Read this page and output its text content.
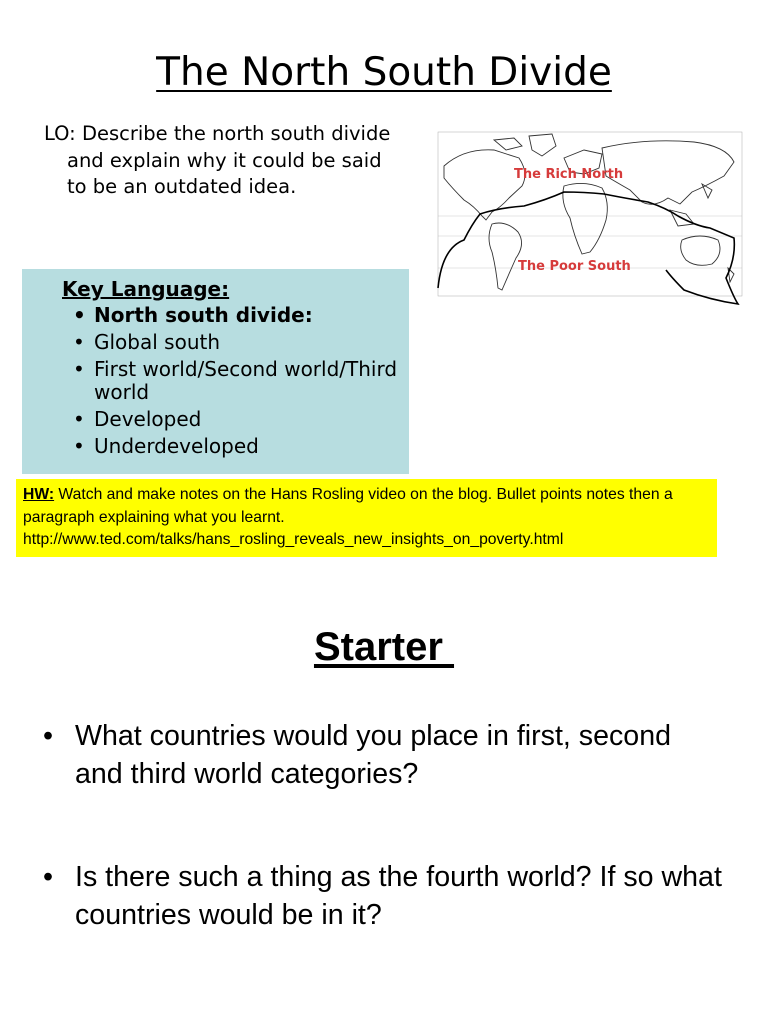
The North South Divide
LO: Describe the north south divide and explain why it could be said to be an outdated idea.
The Rich North
The Poor South
Key Language:
• North south divide:
• Global south
• First world/Second world/Third world
• Developed
• Underdeveloped
HW: Watch and make notes on the Hans Rosling video on the blog. Bullet points notes then a paragraph explaining what you learnt.
http://www.ted.com/talks/hans_rosling_reveals_new_insights_on_poverty.html
Starter
• What countries would you place in first, second and third world categories?
• Is there such a thing as the fourth world? If so what countries would be in it?
